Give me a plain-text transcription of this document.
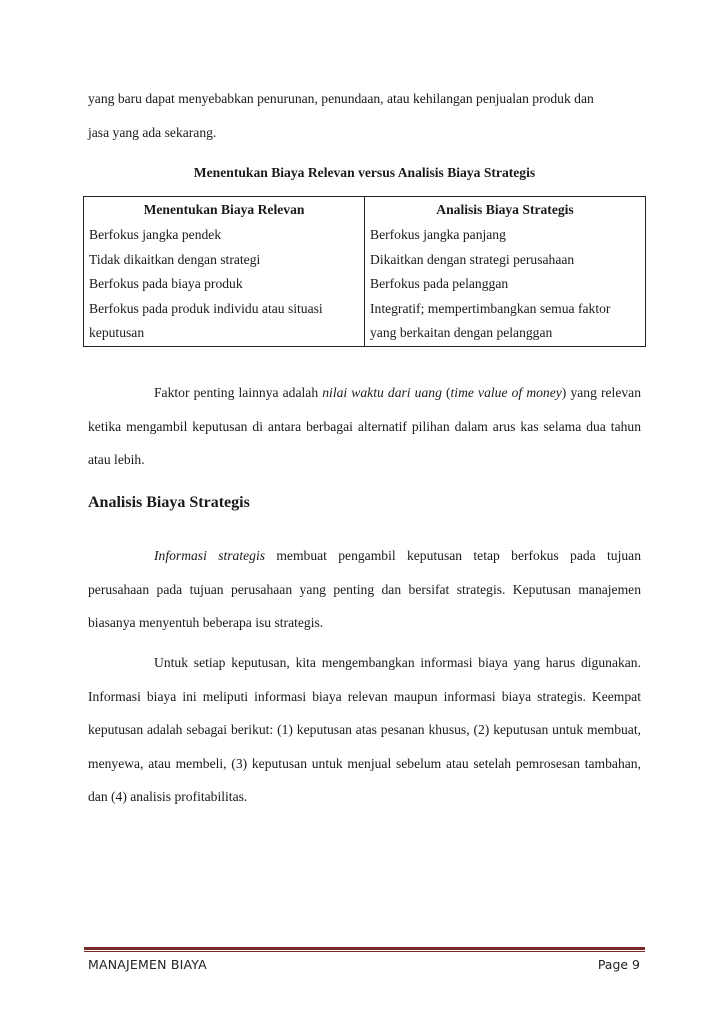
yang baru dapat menyebabkan penurunan, penundaan, atau kehilangan penjualan produk dan
jasa yang ada sekarang.

Menentukan Biaya Relevan versus Analisis Biaya Strategis

Menentukan Biaya Relevan	Analisis Biaya Strategis
Berfokus jangka pendek	Berfokus jangka panjang
Tidak dikaitkan dengan strategi	Dikaitkan dengan strategi perusahaan
Berfokus pada biaya produk	Berfokus pada pelanggan
Berfokus pada produk individu atau situasi	Integratif; mempertimbangkan semua faktor
keputusan	yang berkaitan dengan pelanggan

Faktor penting lainnya adalah nilai waktu dari uang (time value of money) yang relevan ketika mengambil keputusan di antara berbagai alternatif pilihan dalam arus kas selama dua tahun atau lebih.

Analisis Biaya Strategis

Informasi strategis membuat pengambil keputusan tetap berfokus pada tujuan perusahaan pada tujuan perusahaan yang penting dan bersifat strategis. Keputusan manajemen biasanya menyentuh beberapa isu strategis.

Untuk setiap keputusan, kita mengembangkan informasi biaya yang harus digunakan. Informasi biaya ini meliputi informasi biaya relevan maupun informasi biaya strategis. Keempat keputusan adalah sebagai berikut: (1) keputusan atas pesanan khusus, (2) keputusan untuk membuat, menyewa, atau membeli, (3) keputusan untuk menjual sebelum atau setelah pemrosesan tambahan, dan (4) analisis profitabilitas.

MANAJEMEN BIAYA	Page 9
